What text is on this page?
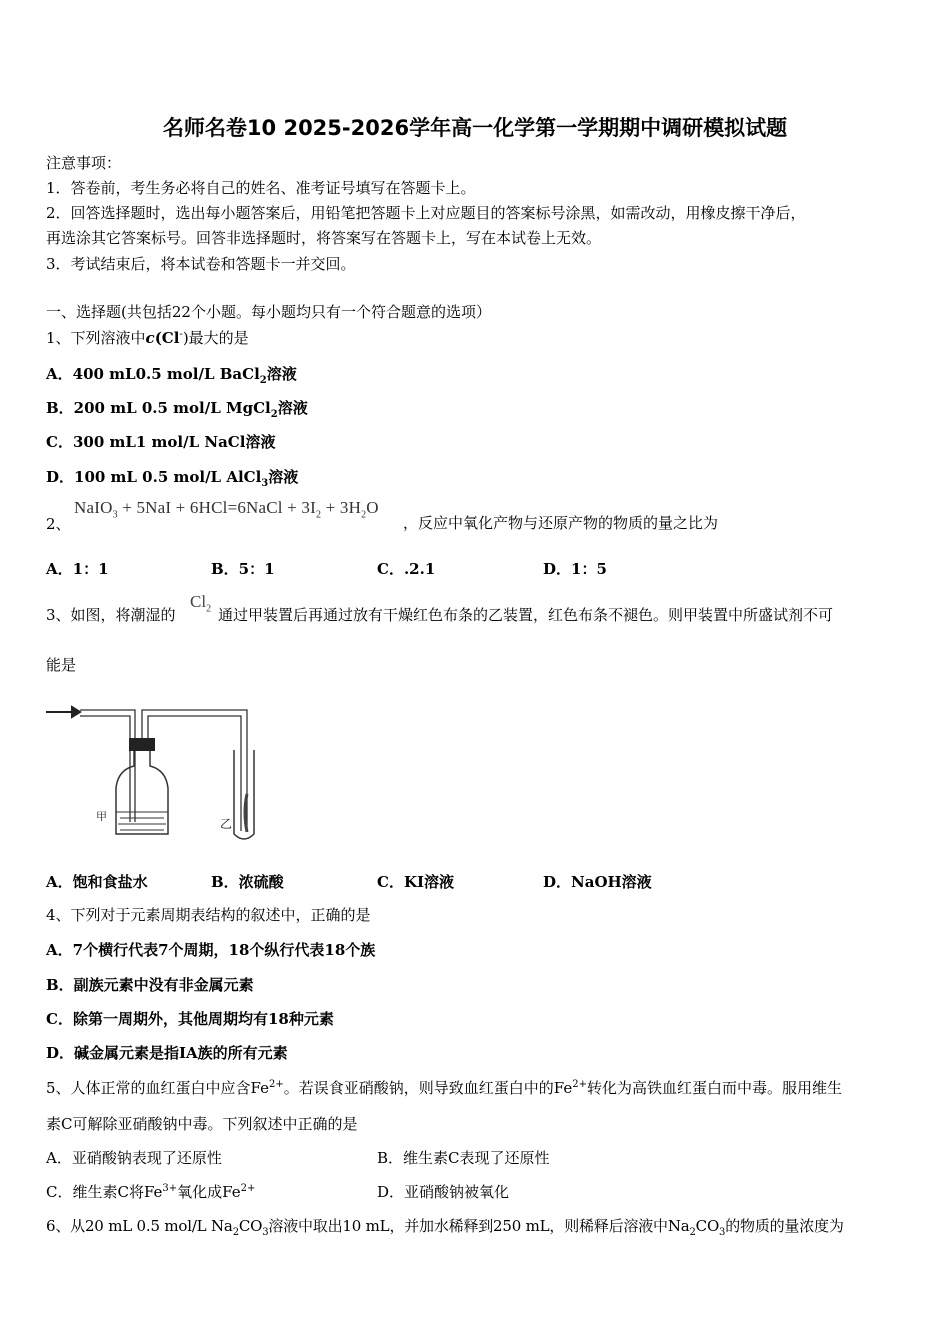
名师名卷10 2025-2026学年高一化学第一学期期中调研模拟试题
注意事项：
1．答卷前，考生务必将自己的姓名、准考证号填写在答题卡上。
2．回答选择题时，选出每小题答案后，用铅笔把答题卡上对应题目的答案标号涂黑，如需改动，用橡皮擦干净后，
再选涂其它答案标号。回答非选择题时，将答案写在答题卡上，写在本试卷上无效。
3．考试结束后，将本试卷和答题卡一并交回。
一、选择题(共包括22个小题。每小题均只有一个符合题意的选项）
1、下列溶液中c(Cl-)最大的是
A．400 mL0.5 mol/L BaCl$_2$溶液
B．200 mL 0.5 mol/L MgCl$_2$溶液
C．300 mL1 mol/L NaCl溶液
D．100 mL 0.5 mol/L AlCl$_3$溶液
2、
NaIO$_3$ + 5NaI + 6HCl=6NaCl + $3I_2 + 3H_2O$
，反应中氧化产物与还原产物的物质的量之比为
A．1：1	B．5：1	C．.2.1	D．1：5
3、如图，将潮湿的
$Cl_2$ 通过甲装置后再通过放有干燥红色布条的乙装置，红色布条不褪色。则甲装置中所盛试剂不可
能是
甲
乙
A．饱和食盐水	B．浓硫酸	C．KI溶液	D．NaOH溶液
4、下列对于元素周期表结构的叙述中，正确的是
A．7个横行代表7个周期，18个纵行代表18个族
B．副族元素中没有非金属元素
C．除第一周期外，其他周期均有18种元素
D．碱金属元素是指ⅠA族的所有元素
5、人体正常的血红蛋白中应含$Fe^{2+}$。若误食亚硝酸钠，则导致血红蛋白中的$Fe^{2+}$转化为高铁血红蛋白而中毒。服用维生
素C可解除亚硝酸钠中毒。下列叙述中正确的是
A．亚硝酸钠表现了还原性	B．维生素C表现了还原性
C．维生素C将$Fe^{3+}$氧化成$Fe^{2+}$	D．亚硝酸钠被氧化
6、从20 mL 0.5 mol/L $Na_2CO_3$溶液中取出10 mL，并加水稀释到250 mL，则稀释后溶液中$Na_2CO_3$的物质的量浓度为
